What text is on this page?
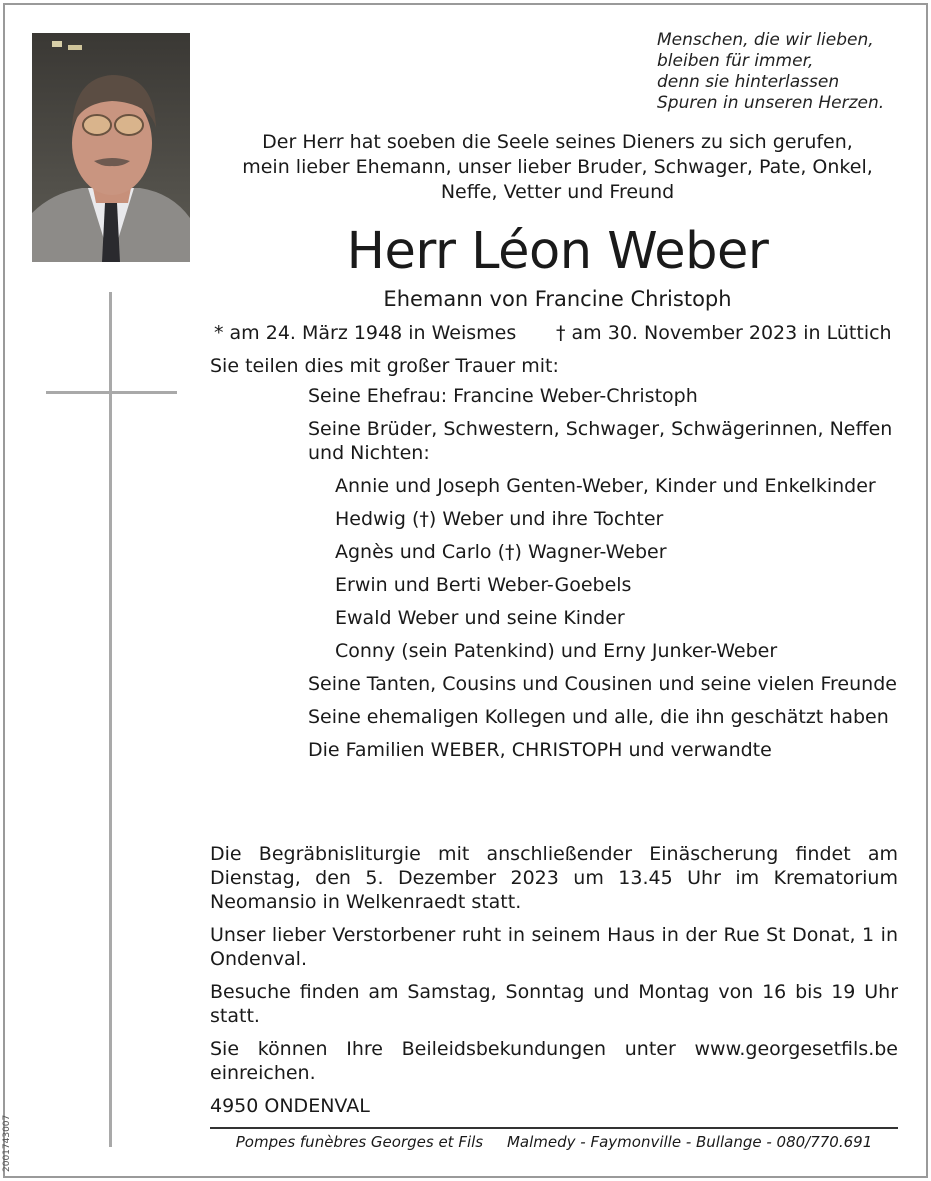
Menschen, die wir lieben,
bleiben für immer,
denn sie hinterlassen
Spuren in unseren Herzen.
Der Herr hat soeben die Seele seines Dieners zu sich gerufen,
mein lieber Ehemann, unser lieber Bruder, Schwager, Pate, Onkel,
Neffe, Vetter und Freund
Herr Léon Weber
Ehemann von Francine Christoph
* am 24. März 1948 in Weismes † am 30. November 2023 in Lüttich
Sie teilen dies mit großer Trauer mit:
Seine Ehefrau: Francine Weber-Christoph
Seine Brüder, Schwestern, Schwager, Schwägerinnen, Neffen und Nichten:
Annie und Joseph Genten-Weber, Kinder und Enkelkinder
Hedwig (†) Weber und ihre Tochter
Agnès und Carlo (†) Wagner-Weber
Erwin und Berti Weber-Goebels
Ewald Weber und seine Kinder
Conny (sein Patenkind) und Erny Junker-Weber
Seine Tanten, Cousins und Cousinen und seine vielen Freunde
Seine ehemaligen Kollegen und alle, die ihn geschätzt haben
Die Familien WEBER, CHRISTOPH und verwandte

Die Begräbnisliturgie mit anschließender Einäscherung findet am Dienstag, den 5. Dezember 2023 um 13.45 Uhr im Krematorium Neomansio in Welkenraedt statt.

Unser lieber Verstorbener ruht in seinem Haus in der Rue St Donat, 1 in Ondenval.

Besuche finden am Samstag, Sonntag und Montag von 16 bis 19 Uhr statt.

Sie können Ihre Beileidsbekundungen unter www.georgesetfils.be einreichen.

4950 ONDENVAL

Pompes funèbres Georges et Fils Malmedy - Faymonville - Bullange - 080/770.691
2001743007
